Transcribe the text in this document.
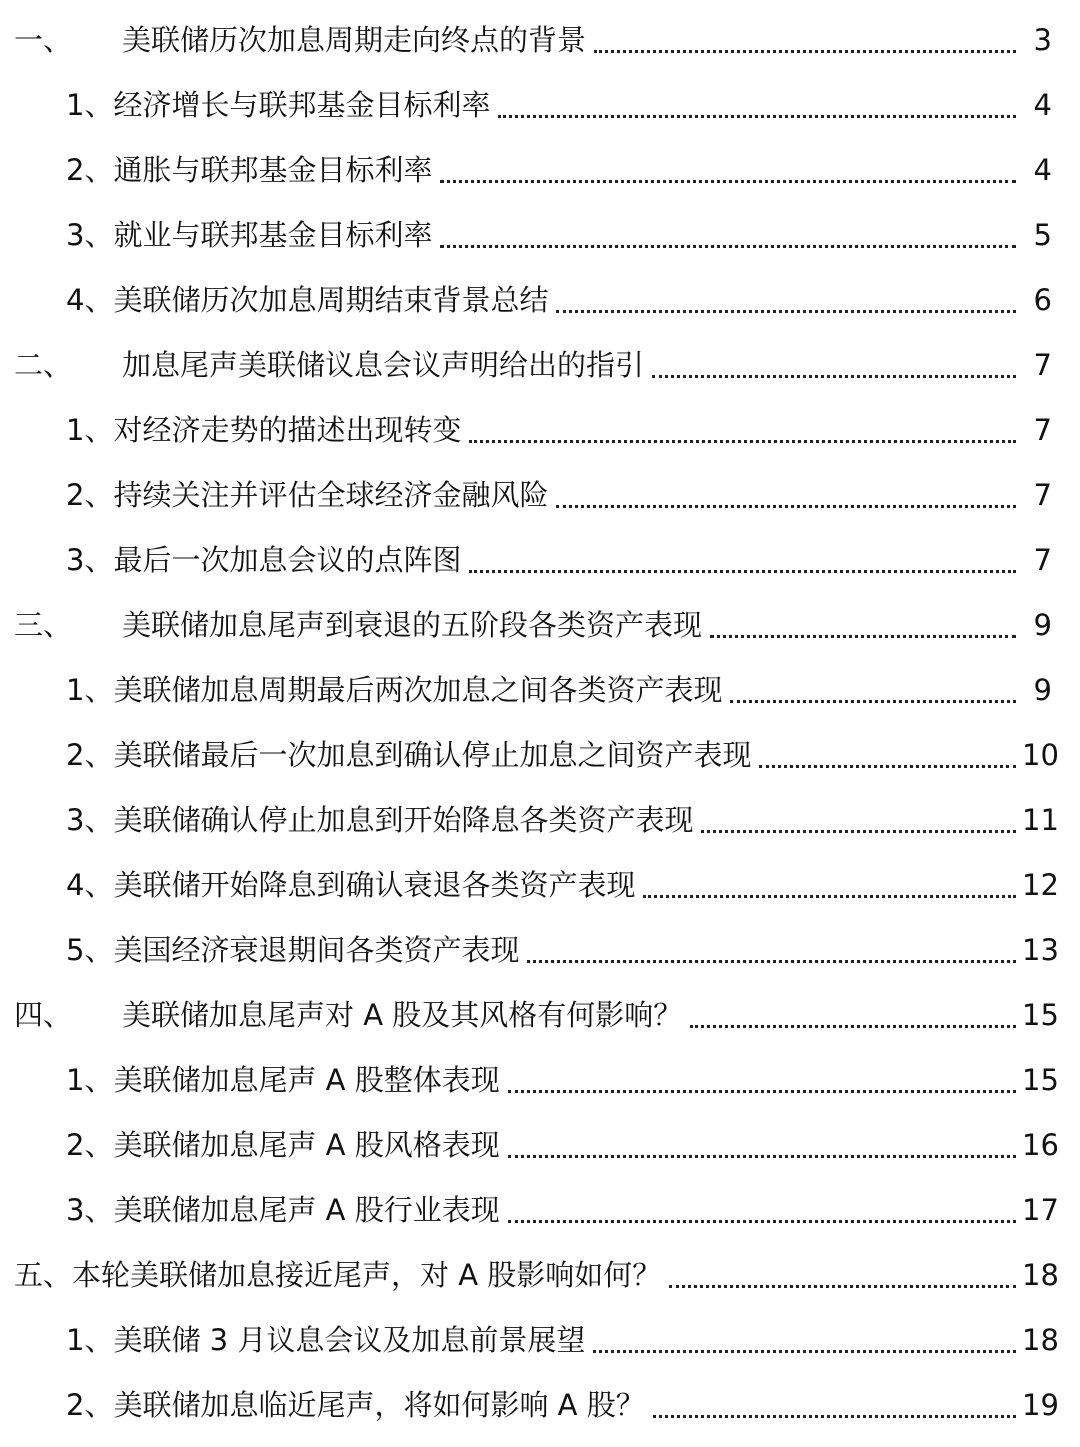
一、	美联储历次加息周期走向终点的背景	3
1、 经济增长与联邦基金目标利率	4
2、 通胀与联邦基金目标利率	4
3、 就业与联邦基金目标利率	5
4、 美联储历次加息周期结束背景总结	6
二、	加息尾声美联储议息会议声明给出的指引	7
1、 对经济走势的描述出现转变	7
2、 持续关注并评估全球经济金融风险	7
3、 最后一次加息会议的点阵图	7
三、	美联储加息尾声到衰退的五阶段各类资产表现	9
1、 美联储加息周期最后两次加息之间各类资产表现	9
2、 美联储最后一次加息到确认停止加息之间资产表现	10
3、 美联储确认停止加息到开始降息各类资产表现	11
4、 美联储开始降息到确认衰退各类资产表现	12
5、 美国经济衰退期间各类资产表现	13
四、	美联储加息尾声对 A 股及其风格有何影响？	15
1、 美联储加息尾声 A 股整体表现	15
2、 美联储加息尾声 A 股风格表现	16
3、 美联储加息尾声 A 股行业表现	17
五、 本轮美联储加息接近尾声，对 A 股影响如何？	18
1、 美联储 3 月议息会议及加息前景展望	18
2、 美联储加息临近尾声，将如何影响 A 股？	19
